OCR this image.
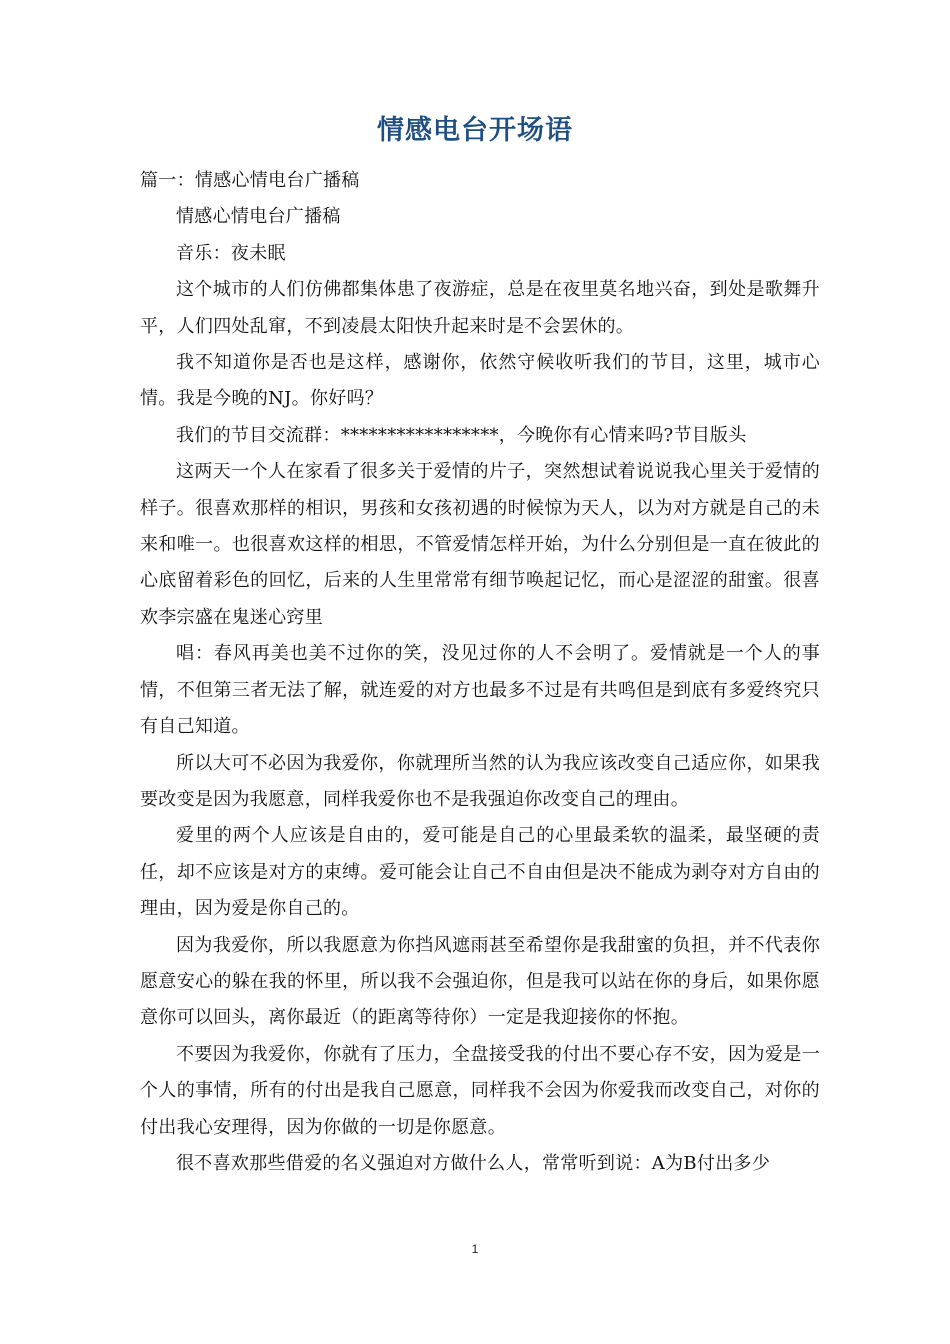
情感电台开场语

篇一：情感心情电台广播稿

情感心情电台广播稿

音乐：夜未眠

这个城市的人们仿佛都集体患了夜游症，总是在夜里莫名地兴奋，到处是歌舞升平，人们四处乱窜，不到凌晨太阳快升起来时是不会罢休的。

我不知道你是否也是这样，感谢你，依然守候收听我们的节目，这里，城市心情。我是今晚的NJ。你好吗？

我们的节目交流群：*****************，今晚你有心情来吗?节目版头

这两天一个人在家看了很多关于爱情的片子，突然想试着说说我心里关于爱情的样子。很喜欢那样的相识，男孩和女孩初遇的时候惊为天人，以为对方就是自己的未来和唯一。也很喜欢这样的相思，不管爱情怎样开始，为什么分别但是一直在彼此的心底留着彩色的回忆，后来的人生里常常有细节唤起记忆，而心是涩涩的甜蜜。很喜欢李宗盛在鬼迷心窍里

唱：春风再美也美不过你的笑，没见过你的人不会明了。爱情就是一个人的事情，不但第三者无法了解，就连爱的对方也最多不过是有共鸣但是到底有多爱终究只有自己知道。

所以大可不必因为我爱你，你就理所当然的认为我应该改变自己适应你，如果我要改变是因为我愿意，同样我爱你也不是我强迫你改变自己的理由。

爱里的两个人应该是自由的，爱可能是自己的心里最柔软的温柔，最坚硬的责任，却不应该是对方的束缚。爱可能会让自己不自由但是决不能成为剥夺对方自由的理由，因为爱是你自己的。

因为我爱你，所以我愿意为你挡风遮雨甚至希望你是我甜蜜的负担，并不代表你愿意安心的躲在我的怀里，所以我不会强迫你，但是我可以站在你的身后，如果你愿意你可以回头，离你最近（的距离等待你）一定是我迎接你的怀抱。

不要因为我爱你，你就有了压力，全盘接受我的付出不要心存不安，因为爱是一个人的事情，所有的付出是我自己愿意，同样我不会因为你爱我而改变自己，对你的付出我心安理得，因为你做的一切是你愿意。

很不喜欢那些借爱的名义强迫对方做什么人，常常听到说：A为B付出多少

1
